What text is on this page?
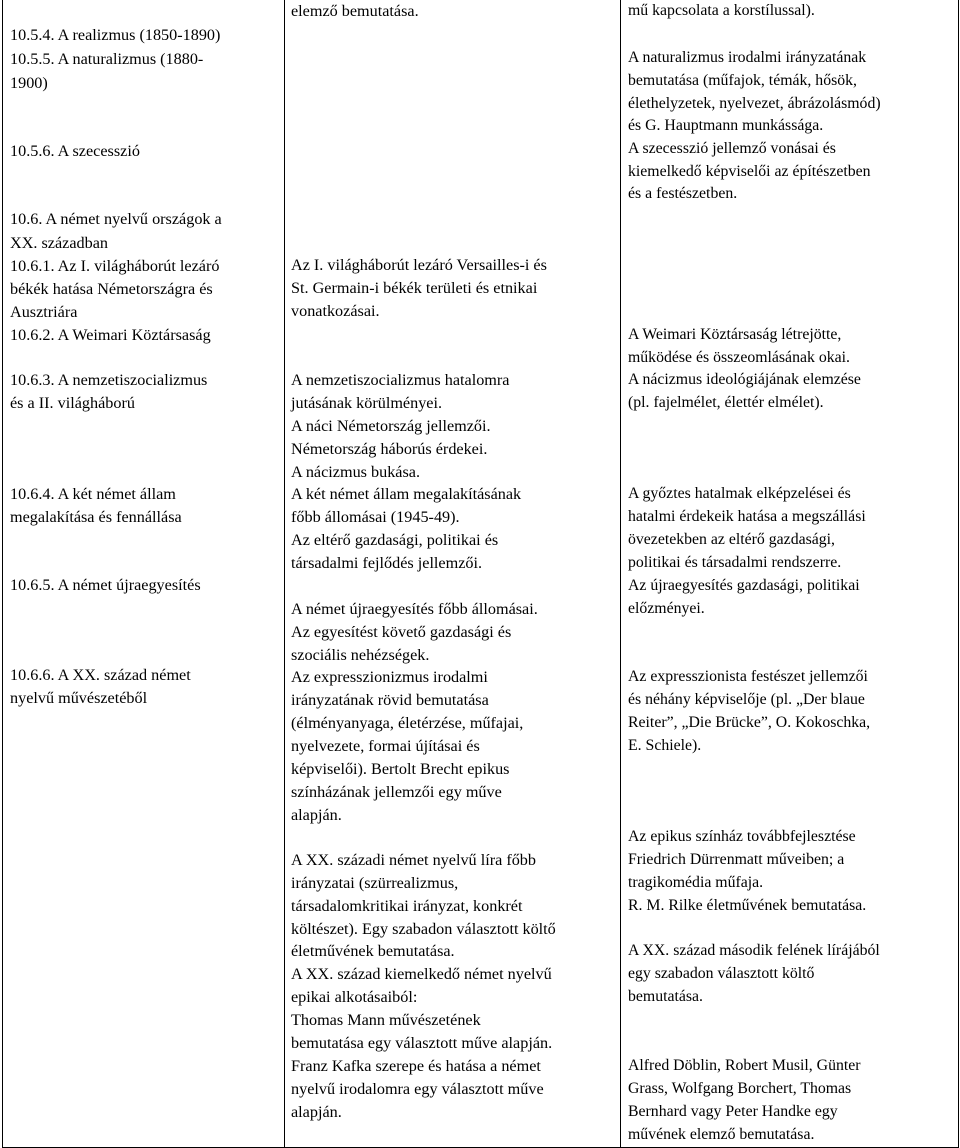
10.5.4. A realizmus (1850-1890)
10.5.5. A naturalizmus (1880-
1900)
10.5.6. A szecesszió
10.6. A német nyelvű országok a
XX. században
10.6.1. Az I. világháborút lezáró
békék hatása Németországra és
Ausztriára
10.6.2. A Weimari Köztársaság
10.6.3. A nemzetiszocializmus
és a II. világháború
10.6.4. A két német állam
megalakítása és fennállása
10.6.5. A német újraegyesítés
10.6.6. A XX. század német
nyelvű művészetéből
elemző bemutatása.
Az I. világháborút lezáró Versailles-i és
St. Germain-i békék területi és etnikai
vonatkozásai.
A nemzetiszocializmus hatalomra
jutásának körülményei.
A náci Németország jellemzői.
Németország háborús érdekei.
A nácizmus bukása.
A két német állam megalakításának
főbb állomásai (1945-49).
Az eltérő gazdasági, politikai és
társadalmi fejlődés jellemzői.
A német újraegyesítés főbb állomásai.
Az egyesítést követő gazdasági és
szociális nehézségek.
Az expresszionizmus irodalmi
irányzatának rövid bemutatása
(élményanyaga, életérzése, műfajai,
nyelvezete, formai újításai és
képviselői). Bertolt Brecht epikus
színházának jellemzői egy műve
alapján.
A XX. századi német nyelvű líra főbb
irányzatai (szürrealizmus,
társadalomkritikai irányzat, konkrét
költészet). Egy szabadon választott költő
életművének bemutatása.
A XX. század kiemelkedő német nyelvű
epikai alkotásaiból:
Thomas Mann művészetének
bemutatása egy választott műve alapján.
Franz Kafka szerepe és hatása a német
nyelvű irodalomra egy választott műve
alapján.
mű kapcsolata a korstílussal).
A naturalizmus irodalmi irányzatának
bemutatása (műfajok, témák, hősök,
élethelyzetek, nyelvezet, ábrázolásmód)
és G. Hauptmann munkássága.
A szecesszió jellemző vonásai és
kiemelkedő képviselői az építészetben
és a festészetben.
A Weimari Köztársaság létrejötte,
működése és összeomlásának okai.
A nácizmus ideológiájának elemzése
(pl. fajelmélet, élettér elmélet).
A győztes hatalmak elképzelései és
hatalmi érdekeik hatása a megszállási
övezetekben az eltérő gazdasági,
politikai és társadalmi rendszerre.
Az újraegyesítés gazdasági, politikai
előzményei.
Az expresszionista festészet jellemzői
és néhány képviselője (pl. „Der blaue
Reiter”, „Die Brücke”, O. Kokoschka,
E. Schiele).
Az epikus színház továbbfejlesztése
Friedrich Dürrenmatt műveiben; a
tragikomédia műfaja.
R. M. Rilke életművének bemutatása.
A XX. század második felének lírájából
egy szabadon választott költő
bemutatása.
Alfred Döblin, Robert Musil, Günter
Grass, Wolfgang Borchert, Thomas
Bernhard vagy Peter Handke egy
művének elemző bemutatása.
